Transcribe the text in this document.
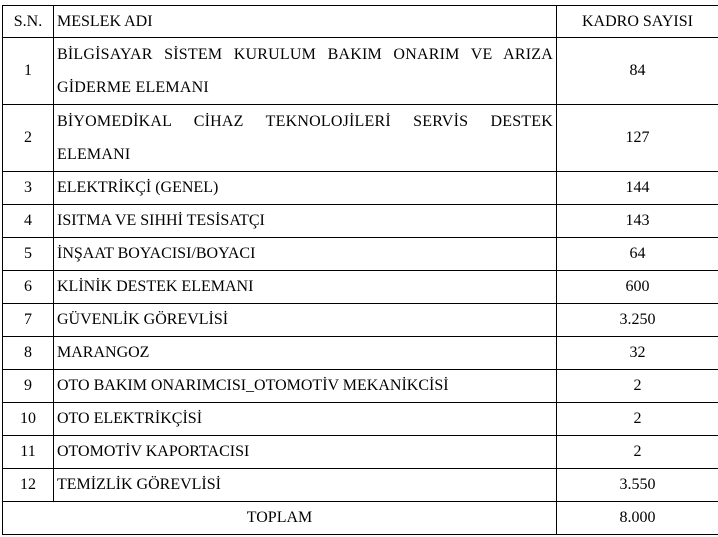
S.N.	MESLEK ADI	KADRO SAYISI
1	BİLGİSAYAR SİSTEM KURULUM BAKIM ONARIM VE ARIZA GİDERME ELEMANI	84
2	BİYOMEDİKAL CİHAZ TEKNOLOJİLERİ SERVİS DESTEK ELEMANI	127
3	ELEKTRİKÇİ (GENEL)	144
4	ISITMA VE SIHHİ TESİSATÇI	143
5	İNŞAAT BOYACISI/BOYACI	64
6	KLİNİK DESTEK ELEMANI	600
7	GÜVENLİK GÖREVLİSİ	3.250
8	MARANGOZ	32
9	OTO BAKIM ONARIMCISI_OTOMOTİV MEKANİKCİSİ	2
10	OTO ELEKTRİKÇİSİ	2
11	OTOMOTİV KAPORTACISI	2
12	TEMİZLİK GÖREVLİSİ	3.550
TOPLAM		8.000
